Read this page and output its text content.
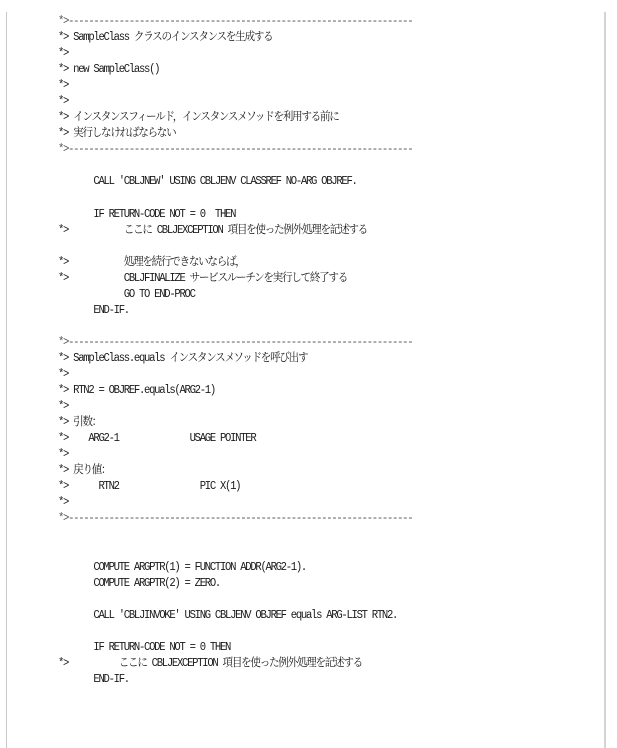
*>--------------------------------------------------------------------
*> SampleClass クラスのインスタンスを生成する
*>
*> new SampleClass()
*>
*>
*> インスタンスフィールド，インスタンスメソッドを利用する前に
*> 実行しなければならない
*>--------------------------------------------------------------------
CALL 'CBLJNEW' USING CBLJENV CLASSREF NO-ARG OBJREF.
IF RETURN-CODE NOT = 0  THEN
*>           ここに CBLJEXCEPTION 項目を使った例外処理を記述する
*>           処理を続行できないならば，
*>           CBLJFINALIZE サービスルーチンを実行して終了する
GO TO END-PROC
END-IF.
*>--------------------------------------------------------------------
*> SampleClass.equals インスタンスメソッドを呼び出す
*>
*> RTN2 = OBJREF.equals(ARG2-1)
*>
*> 引数：
*>    ARG2-1              USAGE POINTER
*>
*> 戻り値：
*>      RTN2                PIC X(1)
*>
*>--------------------------------------------------------------------
COMPUTE ARGPTR(1) = FUNCTION ADDR(ARG2-1).
COMPUTE ARGPTR(2) = ZERO.
CALL 'CBLJINVOKE' USING CBLJENV OBJREF equals ARG-LIST RTN2.
IF RETURN-CODE NOT = 0 THEN
*>          ここに CBLJEXCEPTION 項目を使った例外処理を記述する
END-IF.
